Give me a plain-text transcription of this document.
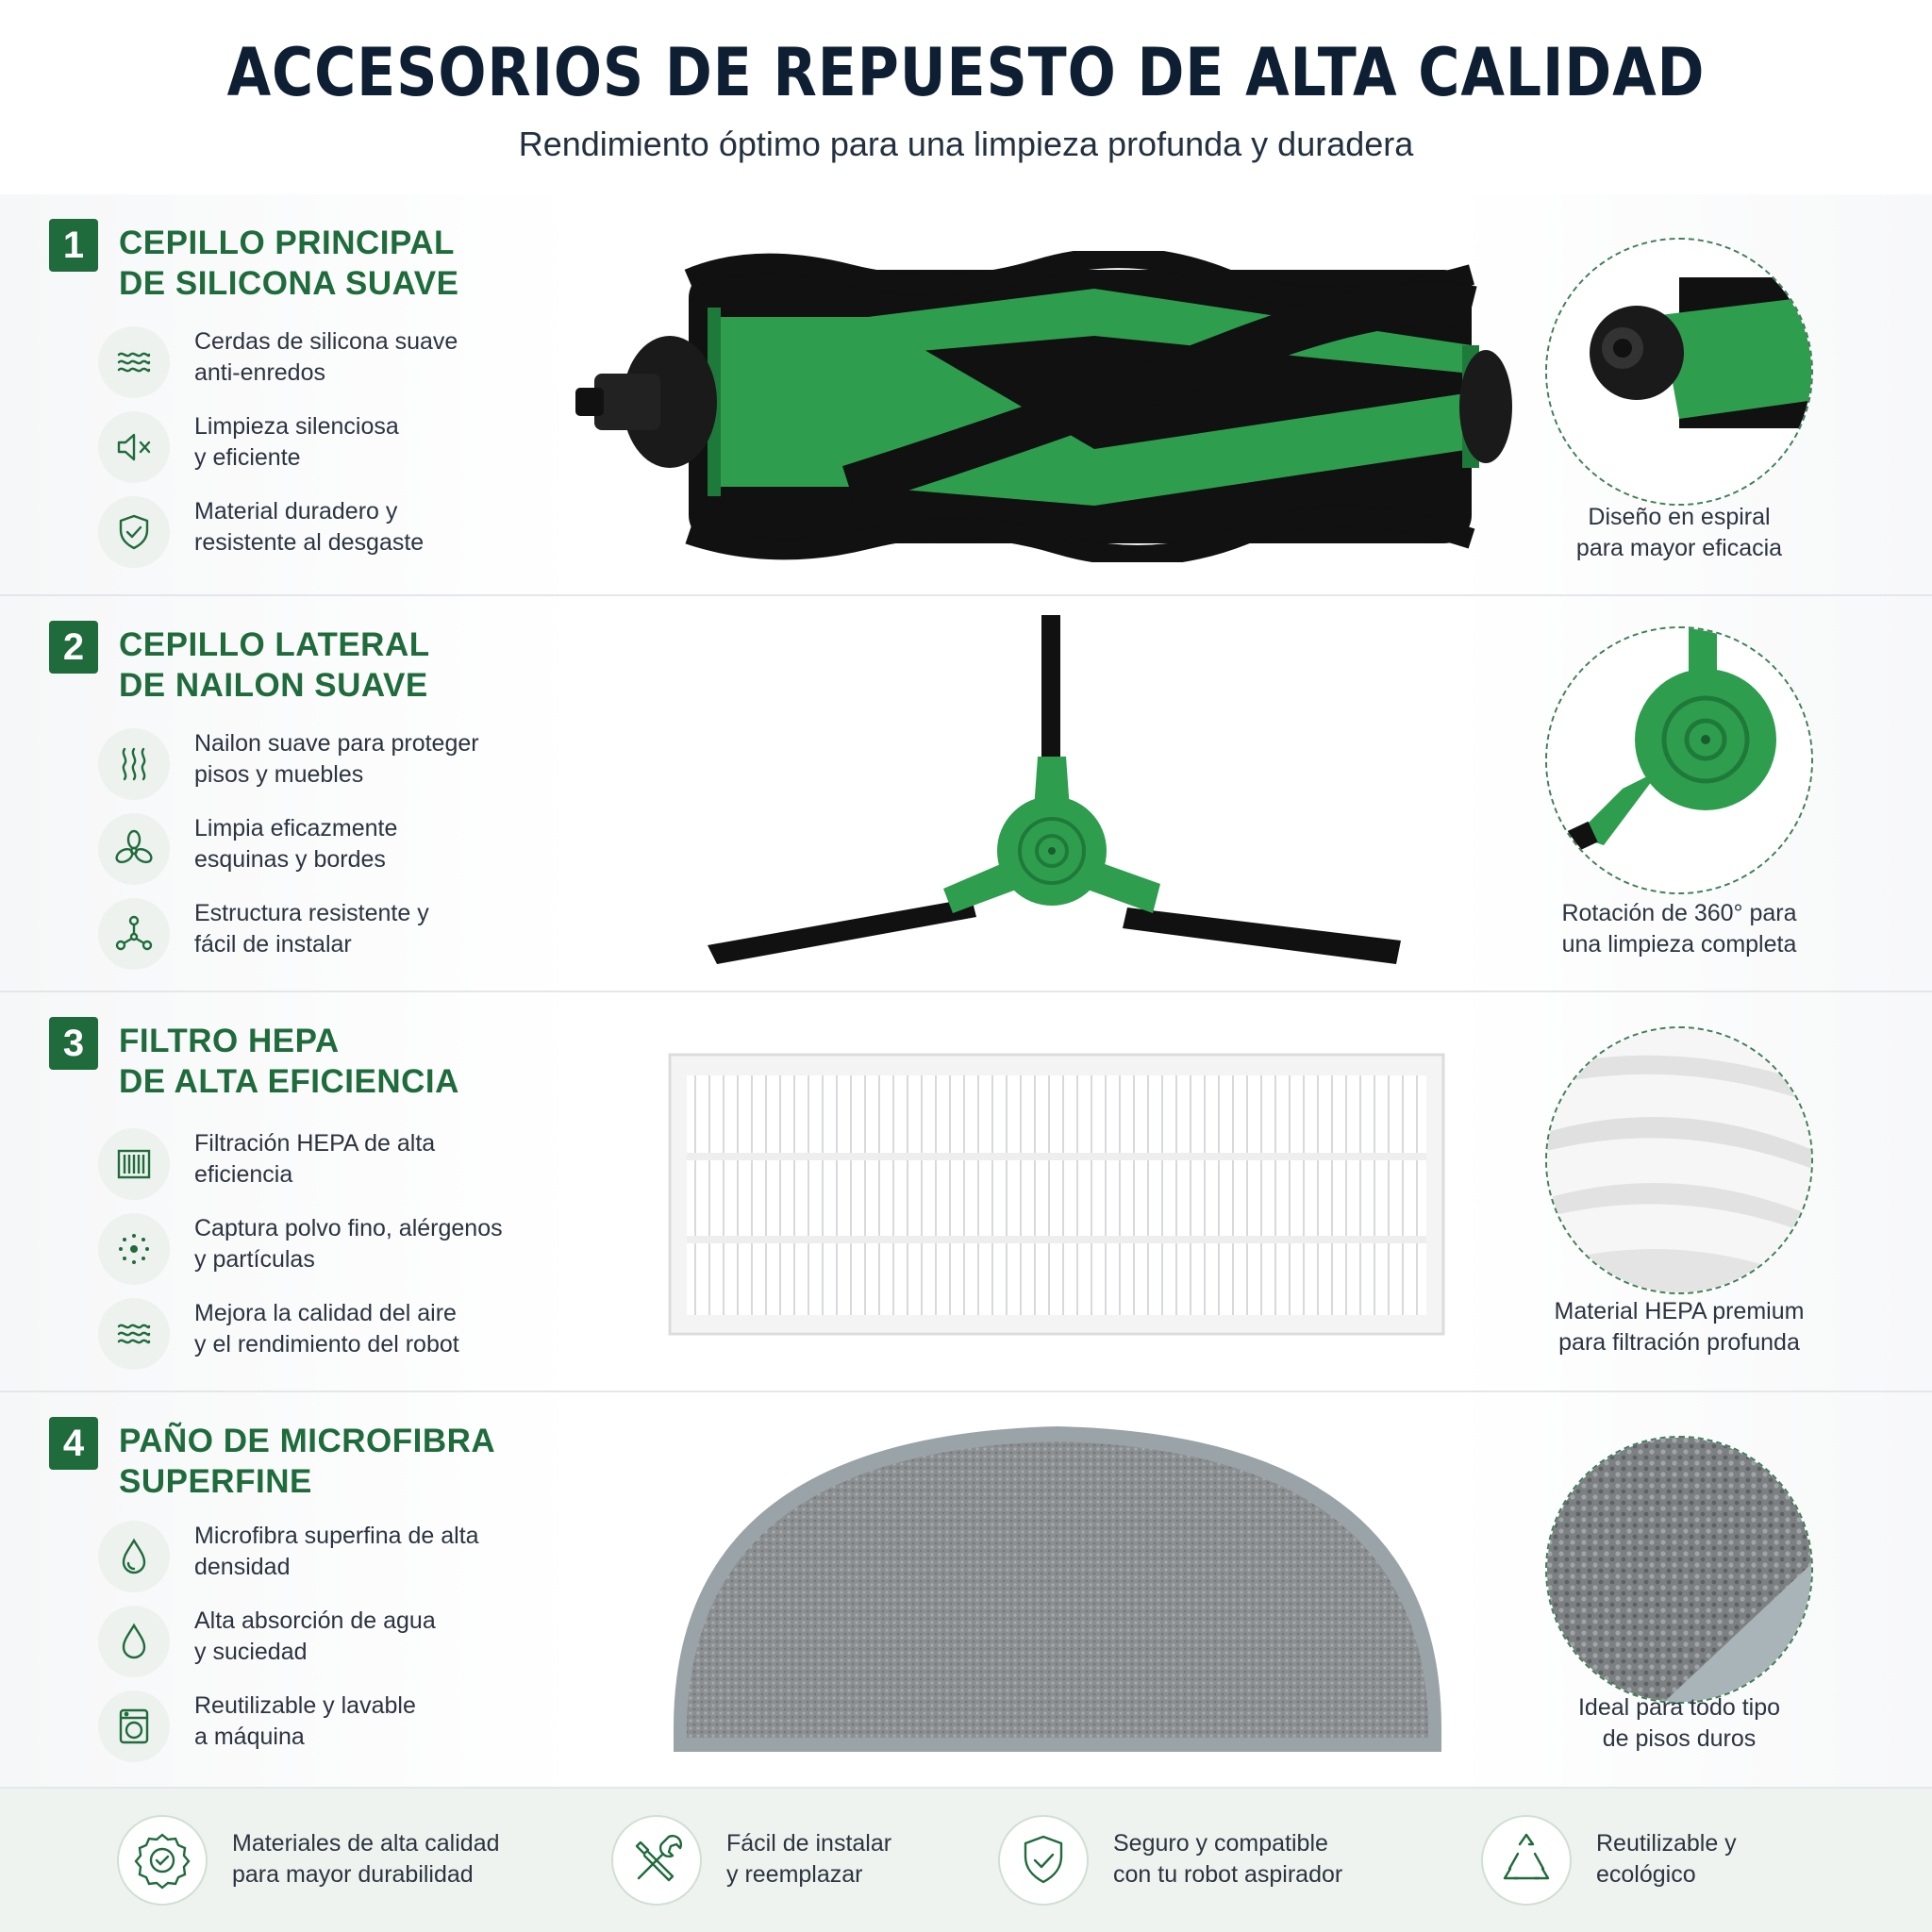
ACCESORIOS DE REPUESTO DE ALTA CALIDAD
Rendimiento óptimo para una limpieza profunda y duradera
1	CEPILLO PRINCIPAL
DE SILICONA SUAVE
Cerdas de silicona suave
anti-enredos
Limpieza silenciosa
y eficiente
Material duradero y
resistente al desgaste
Diseño en espiral
para mayor eficacia
2	CEPILLO LATERAL
DE NAILON SUAVE
Nailon suave para proteger
pisos y muebles
Limpia eficazmente
esquinas y bordes
Estructura resistente y
fácil de instalar
Rotación de 360° para
una limpieza completa
3	FILTRO HEPA
DE ALTA EFICIENCIA
Filtración HEPA de alta
eficiencia
Captura polvo fino, alérgenos
y partículas
Mejora la calidad del aire
y el rendimiento del robot
Material HEPA premium
para filtración profunda
4	PAÑO DE MICROFIBRA
SUPERFINE
Microfibra superfina de alta
densidad
Alta absorción de agua
y suciedad
Reutilizable y lavable
a máquina
Ideal para todo tipo
de pisos duros
Materiales de alta calidad
para mayor durabilidad
Fácil de instalar
y reemplazar
Seguro y compatible
con tu robot aspirador
Reutilizable y
ecológico
